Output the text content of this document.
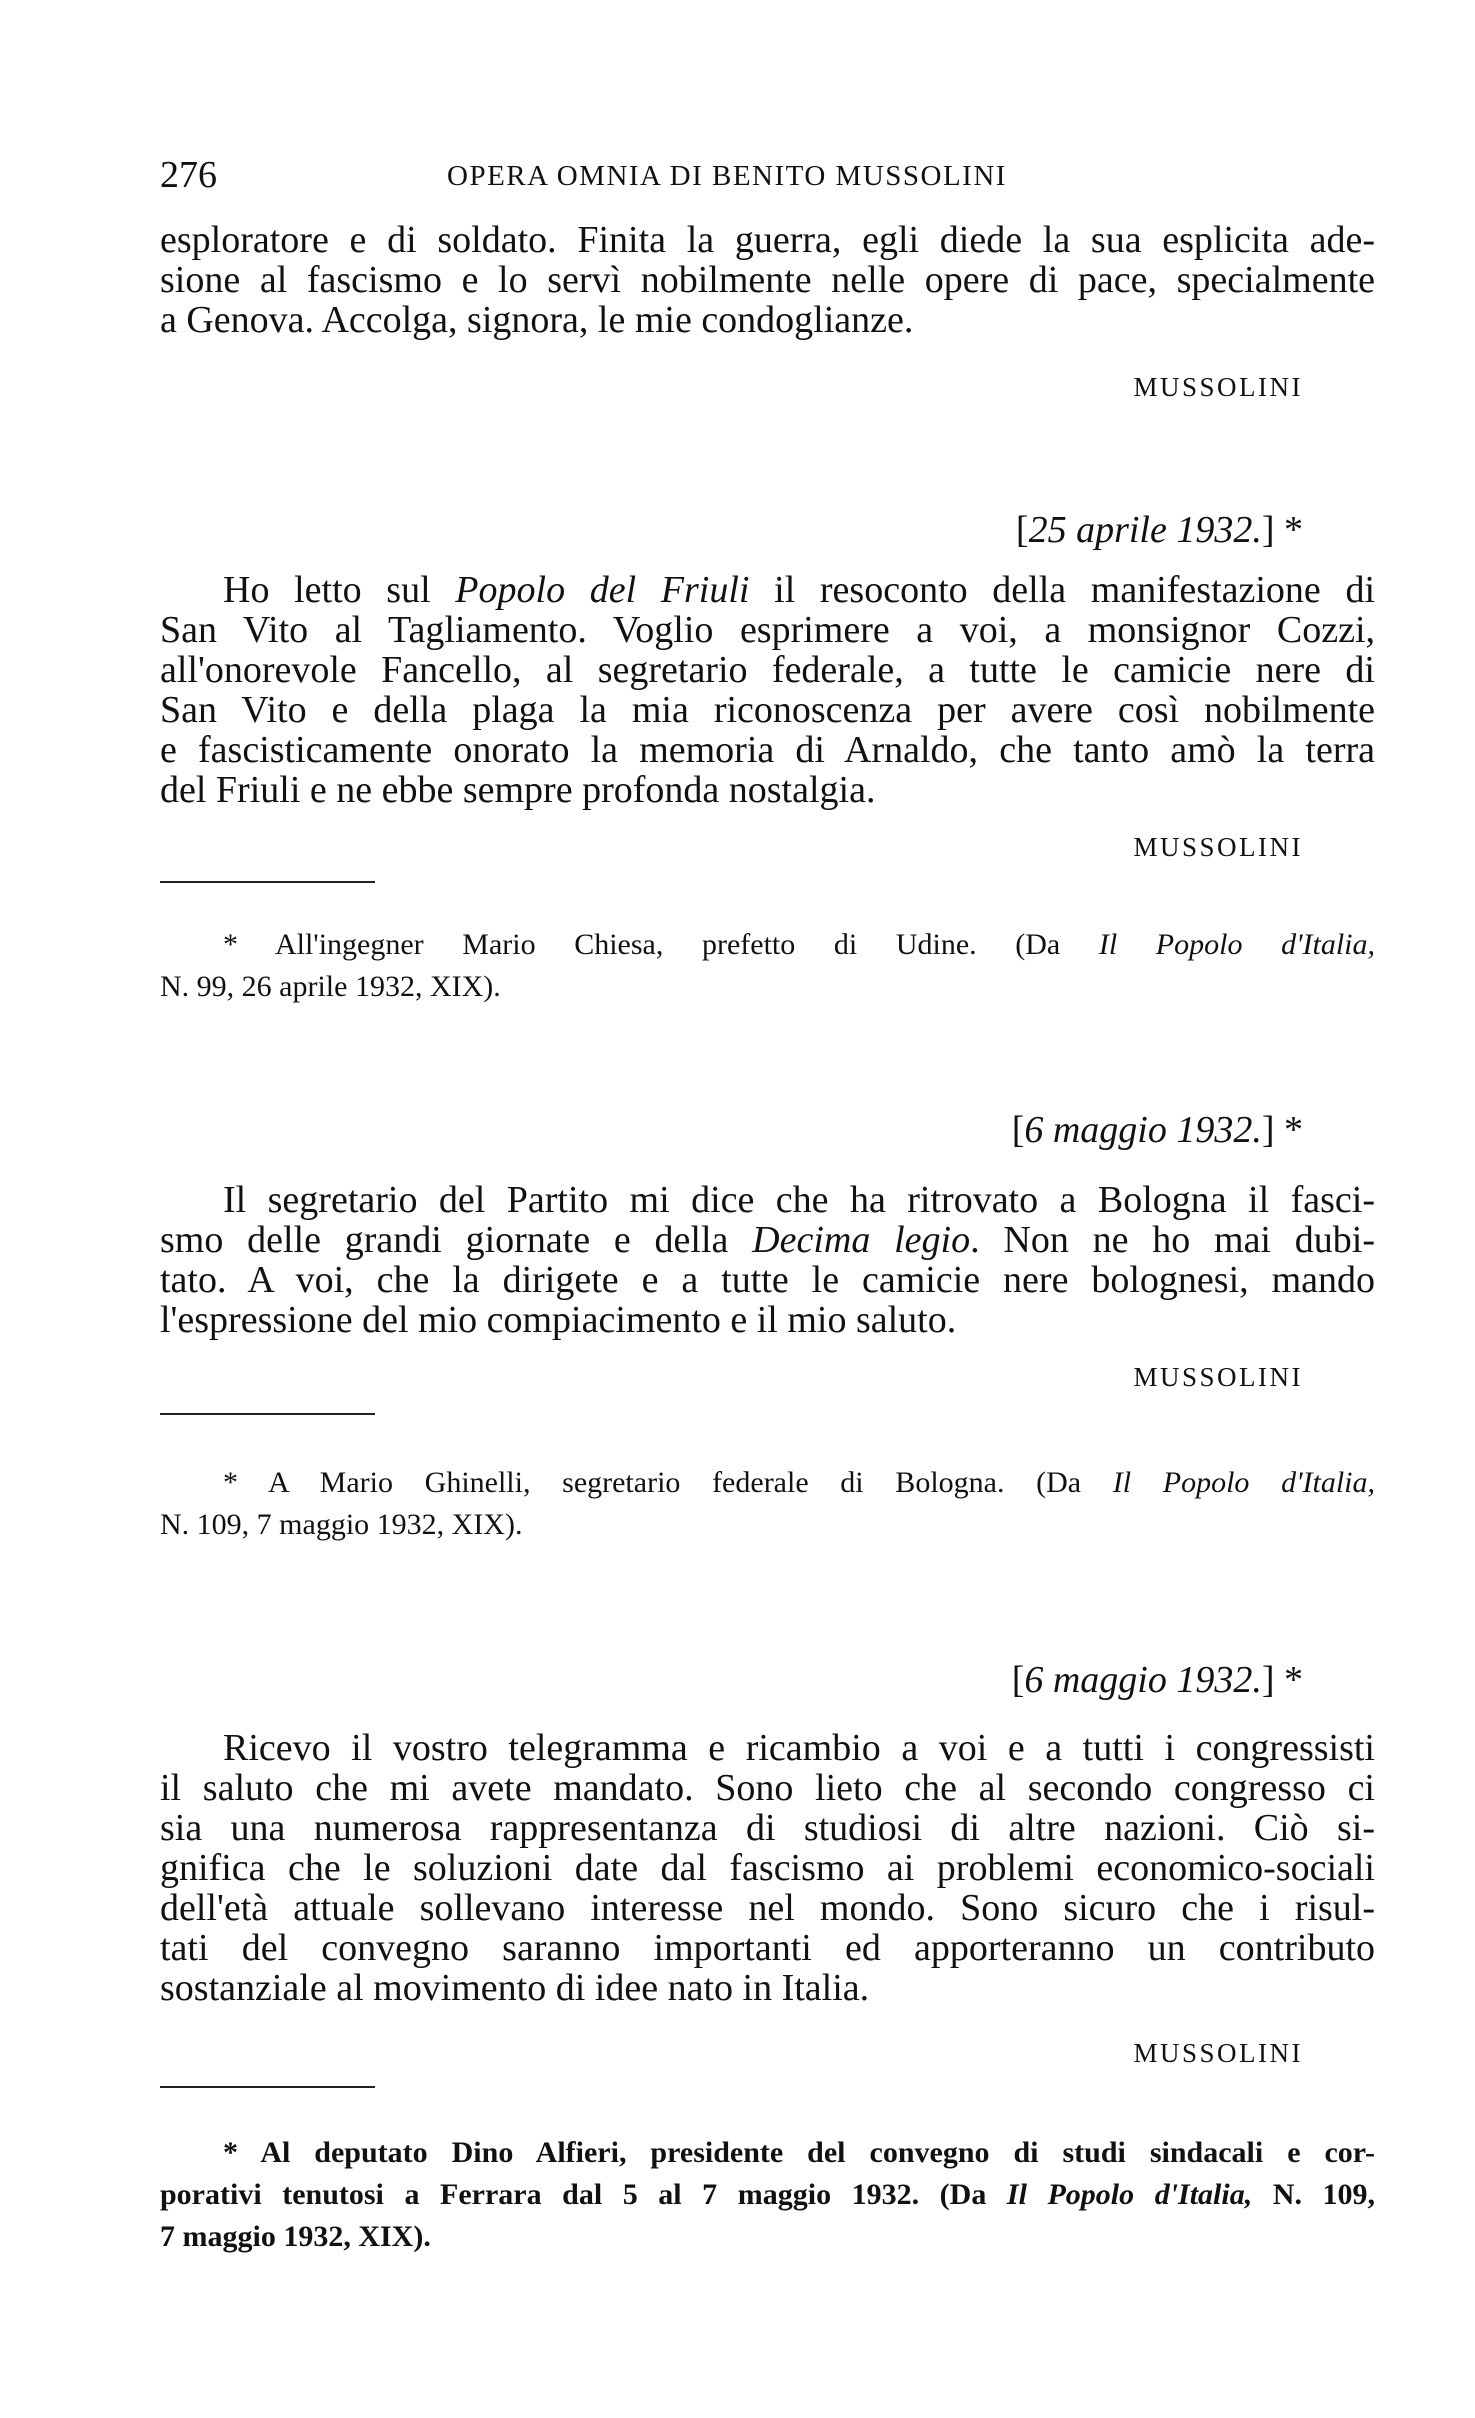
276	OPERA OMNIA DI BENITO MUSSOLINI
esploratore e di soldato. Finita la guerra, egli diede la sua esplicita ade-
sione al fascismo e lo servì nobilmente nelle opere di pace, specialmente
a Genova. Accolga, signora, le mie condoglianze.
MUSSOLINI
[25 aprile 1932.] *
Ho letto sul Popolo del Friuli il resoconto della manifestazione di
San Vito al Tagliamento. Voglio esprimere a voi, a monsignor Cozzi,
all'onorevole Fancello, al segretario federale, a tutte le camicie nere di
San Vito e della plaga la mia riconoscenza per avere così nobilmente
e fascisticamente onorato la memoria di Arnaldo, che tanto amò la terra
del Friuli e ne ebbe sempre profonda nostalgia.
MUSSOLINI
* All'ingegner Mario Chiesa, prefetto di Udine. (Da Il Popolo d'Italia,
N. 99, 26 aprile 1932, XIX).
[6 maggio 1932.] *
Il segretario del Partito mi dice che ha ritrovato a Bologna il fasci-
smo delle grandi giornate e della Decima legio. Non ne ho mai dubi-
tato. A voi, che la dirigete e a tutte le camicie nere bolognesi, mando
l'espressione del mio compiacimento e il mio saluto.
MUSSOLINI
* A Mario Ghinelli, segretario federale di Bologna. (Da Il Popolo d'Italia,
N. 109, 7 maggio 1932, XIX).
[6 maggio 1932.] *
Ricevo il vostro telegramma e ricambio a voi e a tutti i congressisti
il saluto che mi avete mandato. Sono lieto che al secondo congresso ci
sia una numerosa rappresentanza di studiosi di altre nazioni. Ciò si-
gnifica che le soluzioni date dal fascismo ai problemi economico-sociali
dell'età attuale sollevano interesse nel mondo. Sono sicuro che i risul-
tati del convegno saranno importanti ed apporteranno un contributo
sostanziale al movimento di idee nato in Italia.
MUSSOLINI
* Al deputato Dino Alfieri, presidente del convegno di studi sindacali e cor-
porativi tenutosi a Ferrara dal 5 al 7 maggio 1932. (Da Il Popolo d'Italia, N. 109,
7 maggio 1932, XIX).
